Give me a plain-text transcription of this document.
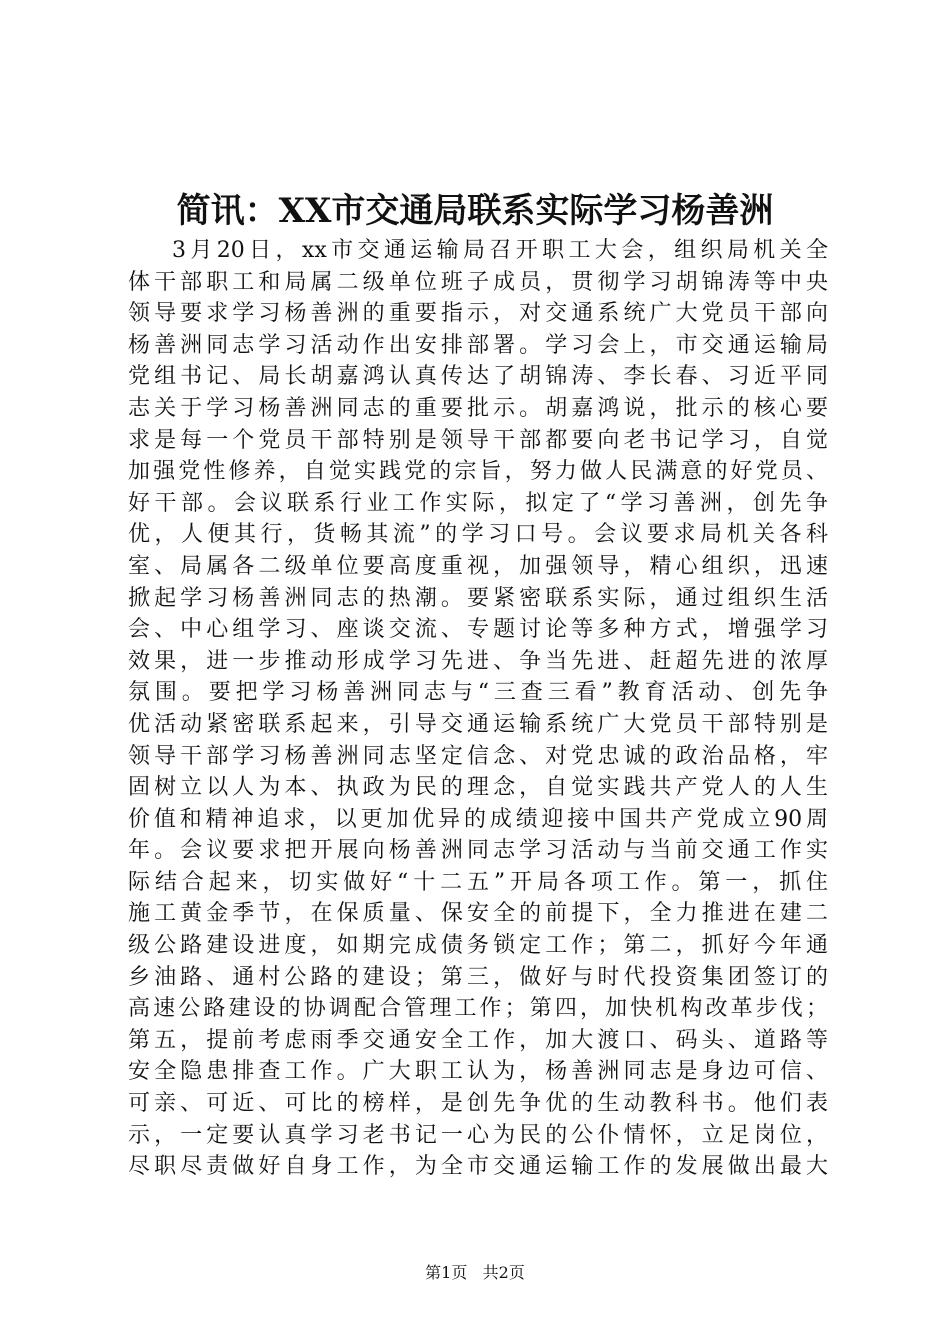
简讯：XX市交通局联系实际学习杨善洲
3月20日，xx市交通运输局召开职工大会，组织局机关全
体干部职工和局属二级单位班子成员，贯彻学习胡锦涛等中央
领导要求学习杨善洲的重要指示，对交通系统广大党员干部向
杨善洲同志学习活动作出安排部署。学习会上，市交通运输局
党组书记、局长胡嘉鸿认真传达了胡锦涛、李长春、习近平同
志关于学习杨善洲同志的重要批示。胡嘉鸿说，批示的核心要
求是每一个党员干部特别是领导干部都要向老书记学习，自觉
加强党性修养，自觉实践党的宗旨，努力做人民满意的好党员、
好干部。会议联系行业工作实际，拟定了“学习善洲，创先争
优，人便其行，货畅其流”的学习口号。会议要求局机关各科
室、局属各二级单位要高度重视，加强领导，精心组织，迅速
掀起学习杨善洲同志的热潮。要紧密联系实际，通过组织生活
会、中心组学习、座谈交流、专题讨论等多种方式，增强学习
效果，进一步推动形成学习先进、争当先进、赶超先进的浓厚
氛围。要把学习杨善洲同志与“三查三看”教育活动、创先争
优活动紧密联系起来，引导交通运输系统广大党员干部特别是
领导干部学习杨善洲同志坚定信念、对党忠诚的政治品格，牢
固树立以人为本、执政为民的理念，自觉实践共产党人的人生
价值和精神追求，以更加优异的成绩迎接中国共产党成立90周
年。会议要求把开展向杨善洲同志学习活动与当前交通工作实
际结合起来，切实做好“十二五”开局各项工作。第一，抓住
施工黄金季节，在保质量、保安全的前提下，全力推进在建二
级公路建设进度，如期完成债务锁定工作；第二，抓好今年通
乡油路、通村公路的建设；第三，做好与时代投资集团签订的
高速公路建设的协调配合管理工作；第四，加快机构改革步伐；
第五，提前考虑雨季交通安全工作，加大渡口、码头、道路等
安全隐患排查工作。广大职工认为，杨善洲同志是身边可信、
可亲、可近、可比的榜样，是创先争优的生动教科书。他们表
示，一定要认真学习老书记一心为民的公仆情怀，立足岗位，
尽职尽责做好自身工作，为全市交通运输工作的发展做出最大
第1页 共2页
